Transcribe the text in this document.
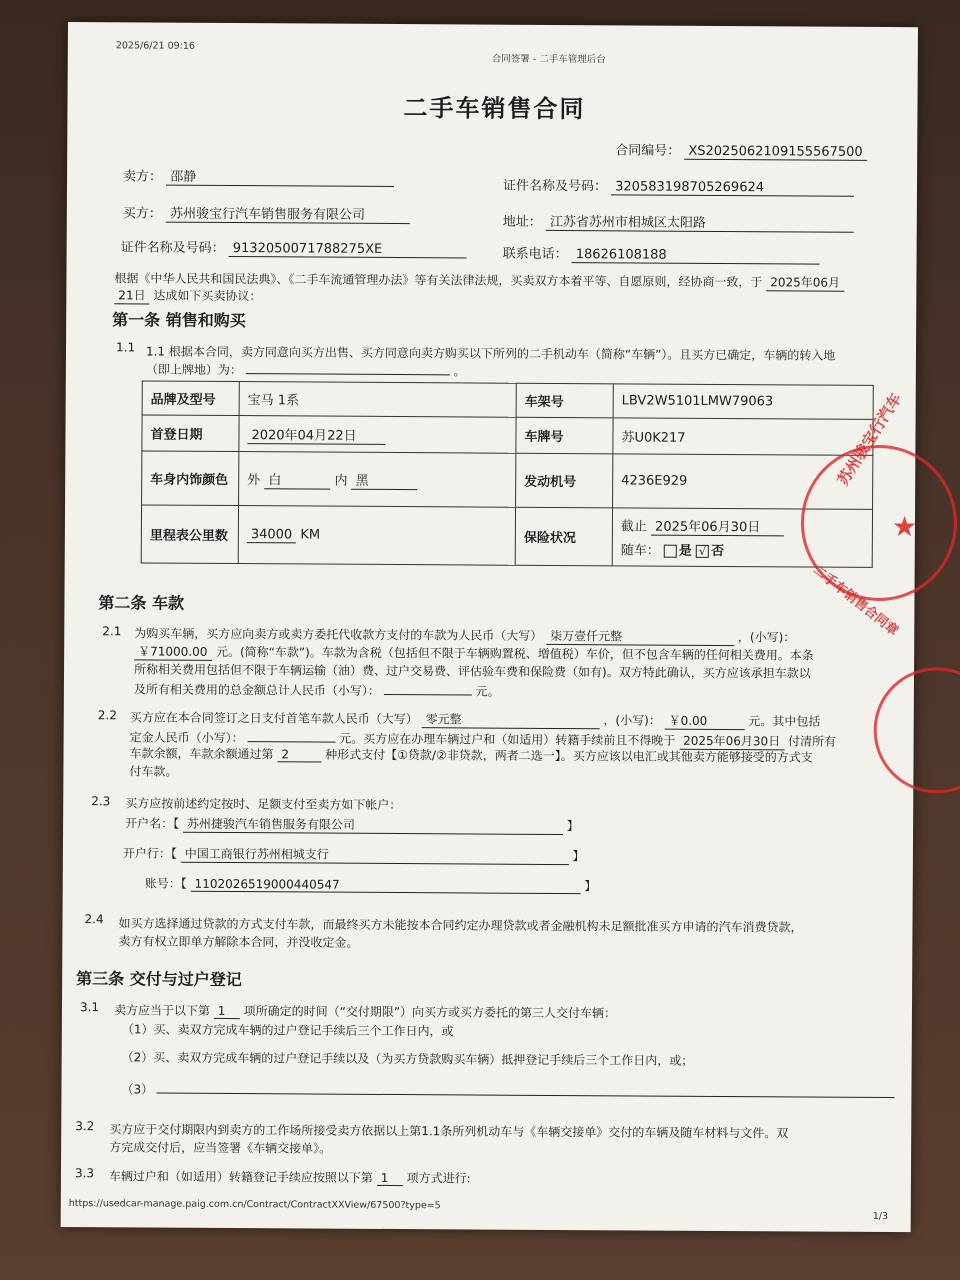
2025/6/21 09:16
合同签署 - 二手车管理后台
二手车销售合同
合同编号： XS2025062109155567500
卖方： 邵静
证件名称及号码： 320583198705269624
买方： 苏州骏宝行汽车销售服务有限公司	地址： 江苏省苏州市相城区太阳路
证件名称及号码： 9132050071788275XE	联系电话： 18626108188
根据《中华人民共和国民法典》、《二手车流通管理办法》等有关法律法规，买卖双方本着平等、自愿原则，经协商一致，于 2025年06月
21日 达成如下买卖协议：
第一条 销售和购买
1.1 1.1 根据本合同，卖方同意向买方出售、买方同意向卖方购买以下所列的二手机动车（简称“车辆”）。且买方已确定，车辆的转入地
（即上牌地）为：	。
品牌及型号	宝马 1系	车架号	LBV2W5101LMW79063
首登日期	2020年04月22日	车牌号	苏U0K217
车身内饰颜色	外 白 内 黑	发动机号	4236E929
里程表公里数	34000 KM	保险状况	截止 2025年06月30日
随车： 是 √ 否
第二条 车款
2.1 为购买车辆，买方应向卖方或卖方委托代收款方支付的车款为人民币（大写） 柒万壹仟元整	，(小写)：
￥71000.00 元。(简称“车款”)。车款为含税（包括但不限于车辆购置税、增值税）车价，但不包含车辆的任何相关费用。本条
所称相关费用包括但不限于车辆运输（油）费、过户交易费、评估验车费和保险费（如有)。双方特此确认，买方应该承担车款以
及所有相关费用的总金额总计人民币（小写）：	元。
2.2 买方应在本合同签订之日支付首笔车款人民币（大写） 零元整	，(小写)： ￥0.00	元。其中包括
定金人民币（小写）：	元。买方应在办理车辆过户和（如适用）转籍手续前且不得晚于 2025年06月30日 付清所有
车款余额，车款余额通过第 2	种形式支付【①贷款/②非贷款，两者二选一】。买方应该以电汇或其他卖方能够接受的方式支
付车款。
2.3 买方应按前述约定按时、足额支付至卖方如下帐户：
开户名：【 苏州捷骏汽车销售服务有限公司	】
开户行：【 中国工商银行苏州相城支行	】
账号：【 1102026519000440547	】
2.4 如买方选择通过贷款的方式支付车款，而最终买方未能按本合同约定办理贷款或者金融机构未足额批准买方申请的汽车消费贷款，
卖方有权立即单方解除本合同，并没收定金。
第三条 交付与过户登记
3.1 卖方应当于以下第 1 项所确定的时间（“交付期限”）向买方或买方委托的第三人交付车辆：
（1）买、卖双方完成车辆的过户登记手续后三个工作日内，或
（2）买、卖双方完成车辆的过户登记手续以及（为买方贷款购买车辆）抵押登记手续后三个工作日内，或；
（3）
3.2 买方应于交付期限内到卖方的工作场所接受卖方依据以上第1.1条所列机动车与《车辆交接单》交付的车辆及随车材料与文件。双
方完成交付后，应当签署《车辆交接单》。
3.3 车辆过户和（如适用）转籍登记手续应按照以下第 1 项方式进行:
https://usedcar-manage.paig.com.cn/Contract/ContractXXView/67500?type=5
1/3
苏州骏宝行汽车
★
二手车销售合同章
